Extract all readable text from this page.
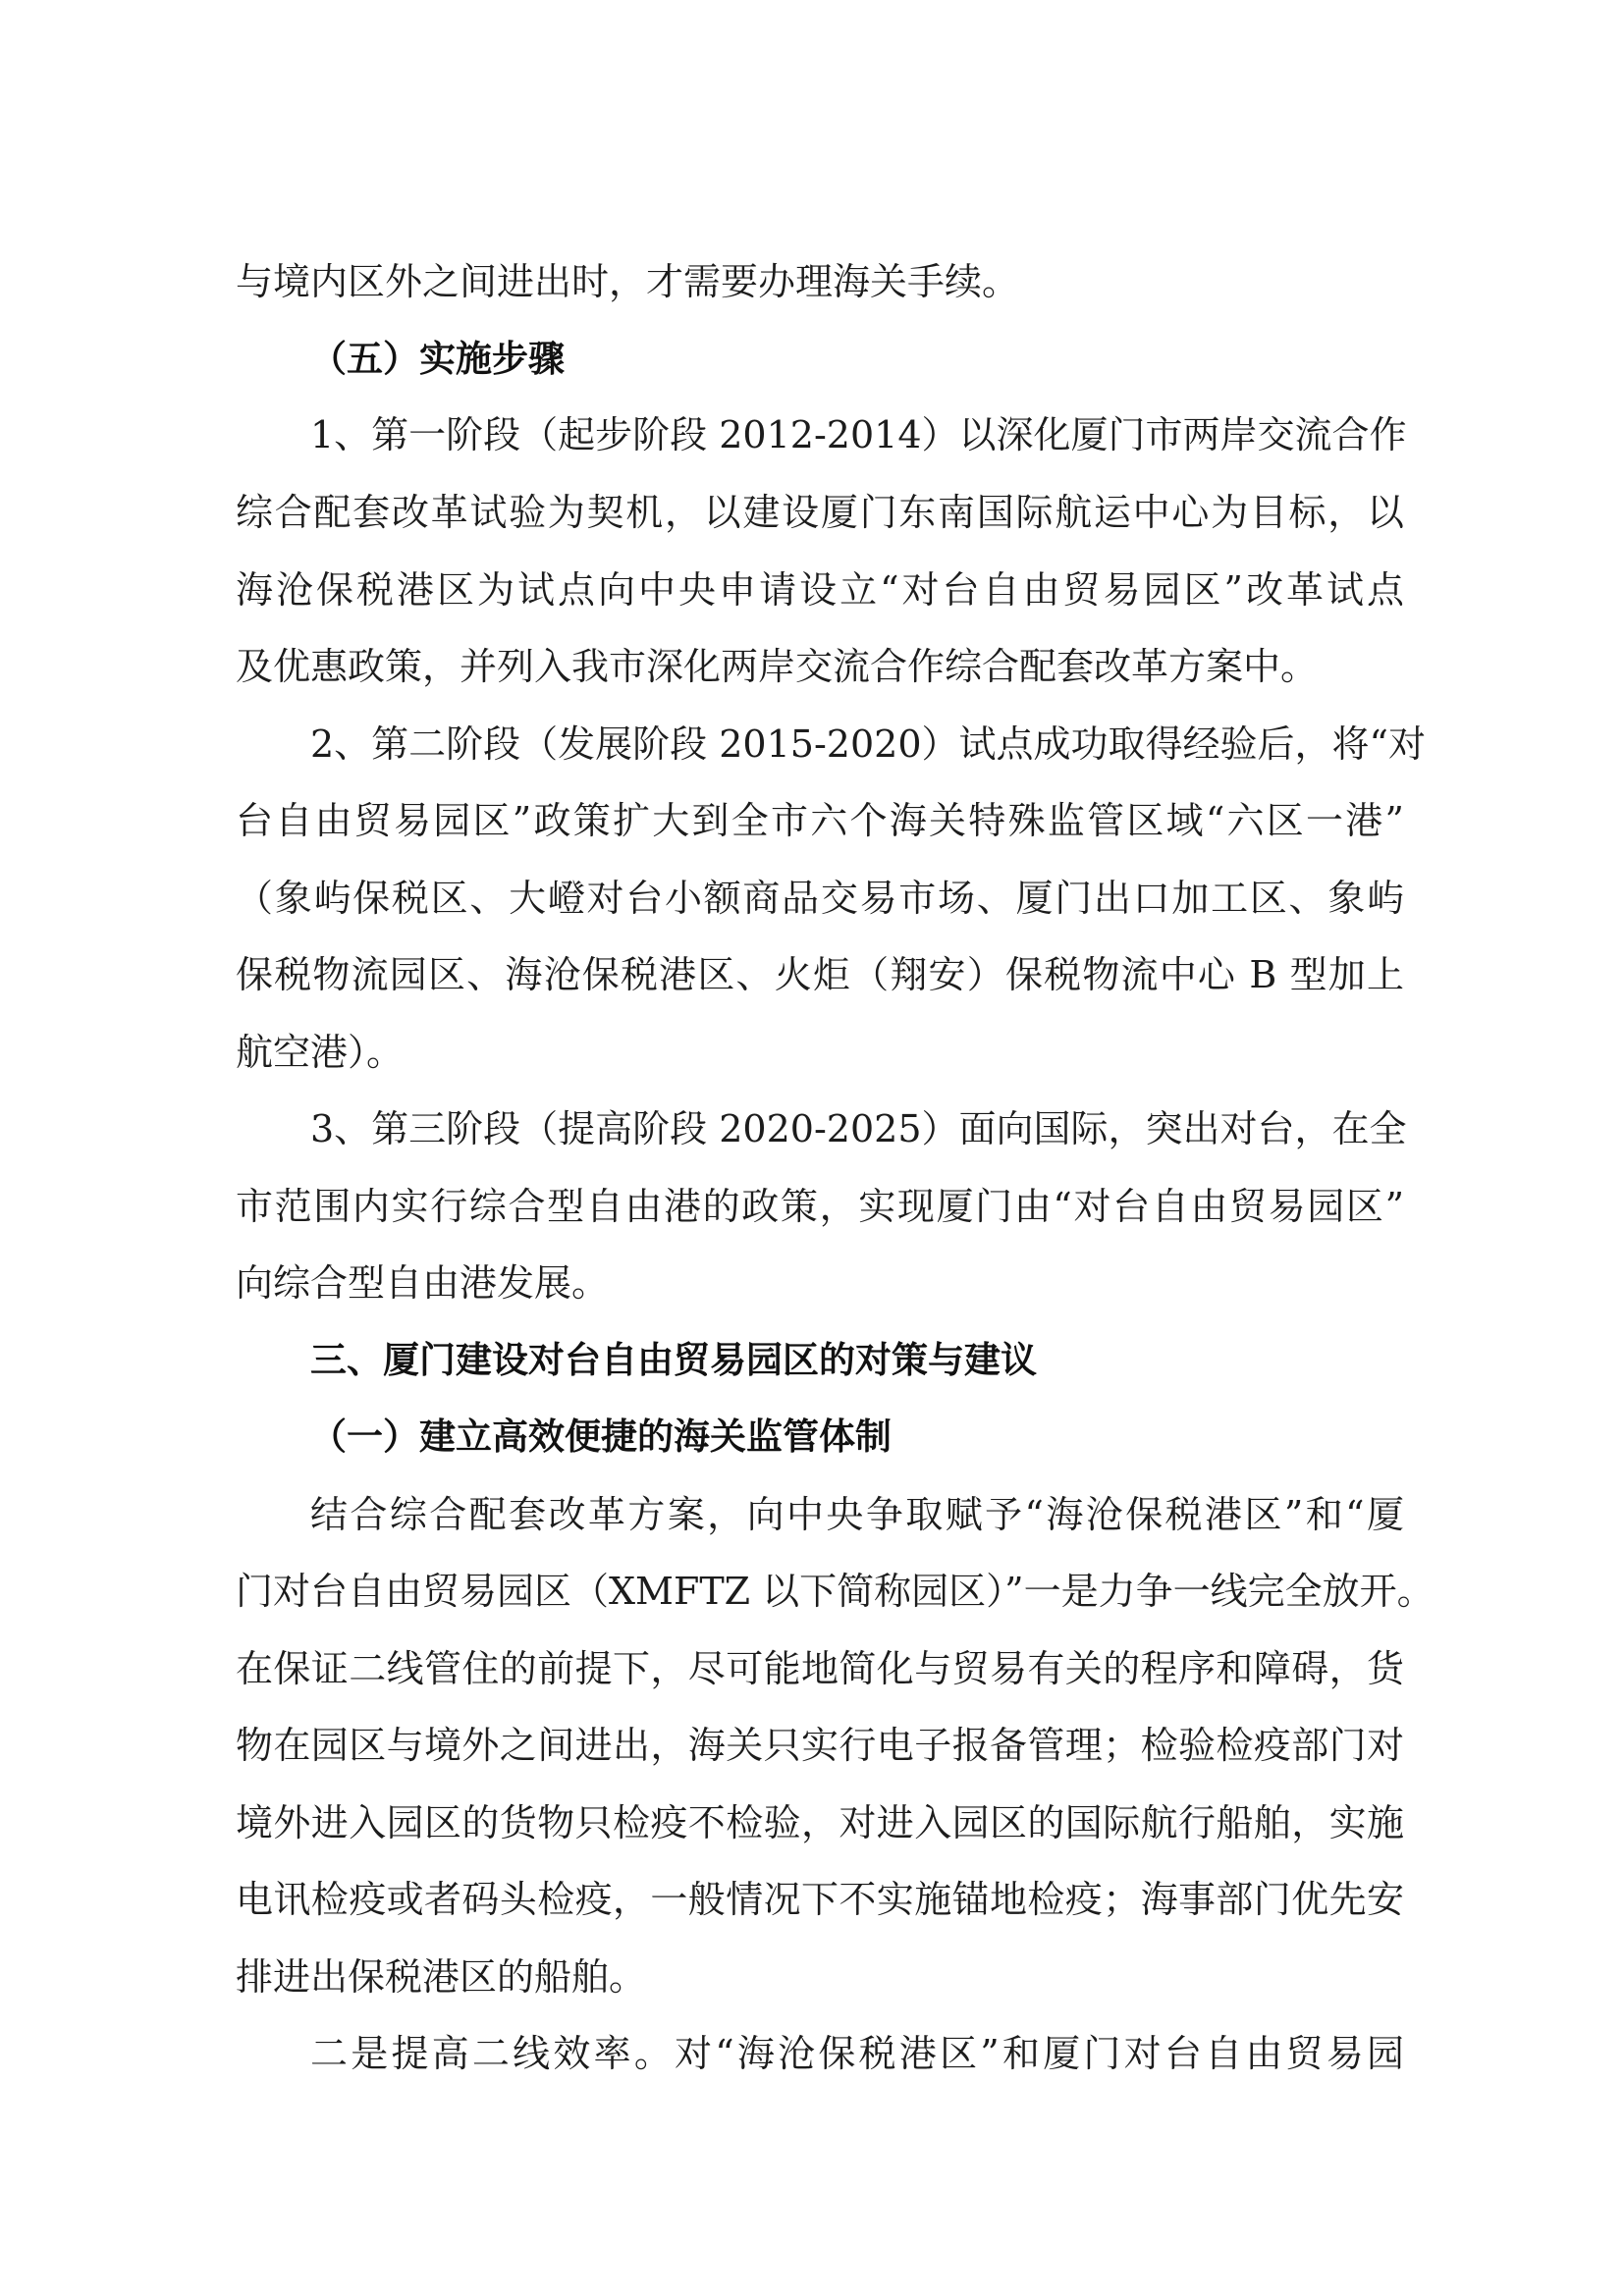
与境内区外之间进出时，才需要办理海关手续。
（五）实施步骤
1、第一阶段（起步阶段 2012-2014）以深化厦门市两岸交流合作
综合配套改革试验为契机，以建设厦门东南国际航运中心为目标，以
海沧保税港区为试点向中央申请设立“对台自由贸易园区”改革试点
及优惠政策，并列入我市深化两岸交流合作综合配套改革方案中。
2、第二阶段（发展阶段 2015-2020）试点成功取得经验后，将“对
台自由贸易园区”政策扩大到全市六个海关特殊监管区域“六区一港”
（象屿保税区、大嶝对台小额商品交易市场、厦门出口加工区、象屿
保税物流园区、海沧保税港区、火炬（翔安）保税物流中心 B 型加上
航空港）。
3、第三阶段（提高阶段 2020-2025）面向国际，突出对台，在全
市范围内实行综合型自由港的政策，实现厦门由“对台自由贸易园区”
向综合型自由港发展。
三、厦门建设对台自由贸易园区的对策与建议
（一）建立高效便捷的海关监管体制
结合综合配套改革方案，向中央争取赋予“海沧保税港区”和“厦
门对台自由贸易园区（XMFTZ 以下简称园区）”一是力争一线完全放开。
在保证二线管住的前提下，尽可能地简化与贸易有关的程序和障碍，货
物在园区与境外之间进出，海关只实行电子报备管理；检验检疫部门对
境外进入园区的货物只检疫不检验，对进入园区的国际航行船舶，实施
电讯检疫或者码头检疫，一般情况下不实施锚地检疫；海事部门优先安
排进出保税港区的船舶。
二是提高二线效率。对“海沧保税港区”和厦门对台自由贸易园
